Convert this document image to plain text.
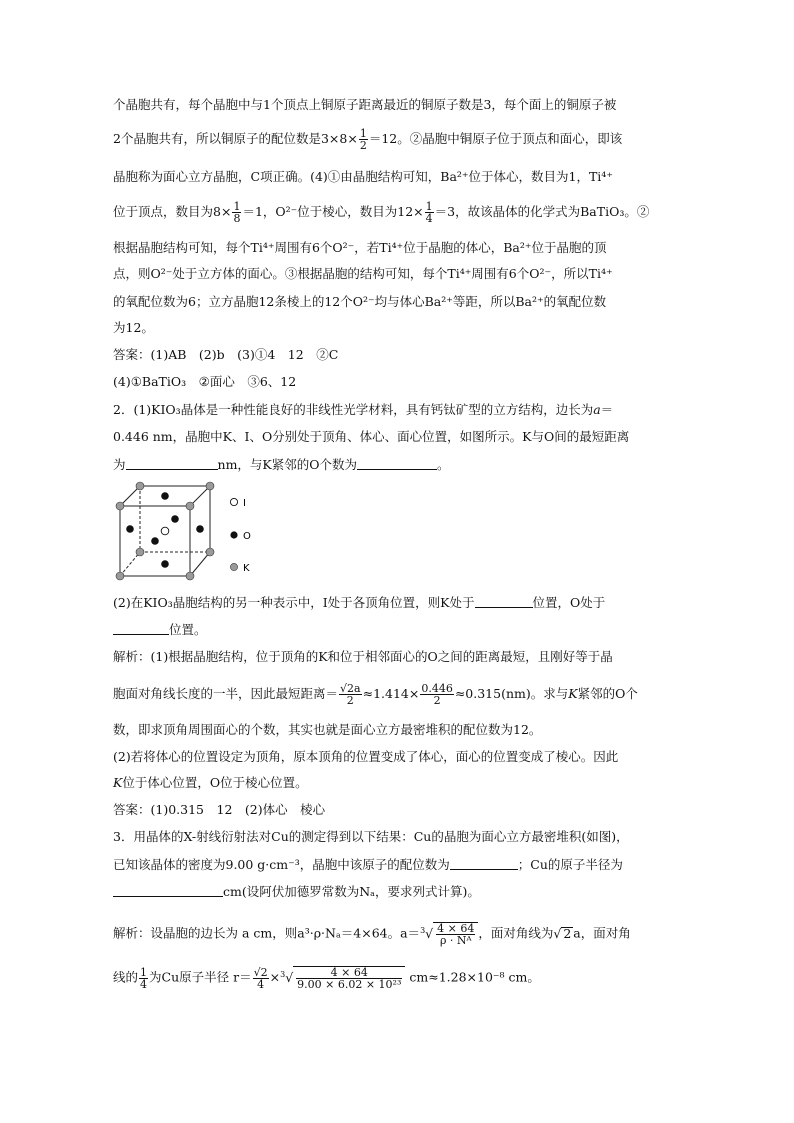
个晶胞共有，每个晶胞中与1个顶点上铜原子距离最近的铜原子数是3，每个面上的铜原子被
2个晶胞共有，所以铜原子的配位数是$3\times 8\times \frac{1}{2} =12$。②晶胞中铜原子位于顶点和面心，即该
晶胞称为面心立方晶胞，C项正确。(4)①由晶胞结构可知，Ba²⁺位于体心，数目为1，Ti⁴⁺
位于顶点，数目为$8\times \frac{1}{8} =1$，O²⁻位于棱心，数目为$12\times \frac{1}{4} =3$，故该晶体的化学式为BaTiO₃。②
根据晶胞结构可知，每个Ti⁴⁺周围有6个O²⁻，若Ti⁴⁺位于晶胞的体心，Ba²⁺位于晶胞的顶
点，则O²⁻处于立方体的面心。③根据晶胞的结构可知，每个Ti⁴⁺周围有6个O²⁻，所以Ti⁴⁺
的氧配位数为6；立方晶胞12条棱上的12个O²⁻均与体心Ba²⁺等距，所以Ba²⁺的氧配位数
为12。
答案：(1)AB　(2)b　(3)①4　12　②C
(4)①BaTiO₃　②面心　③6、12
2．(1)KIO₃晶体是一种性能良好的非线性光学材料，具有钙钛矿型的立方结构，边长为a＝
0.446 nm，晶胞中K、I、O分别处于顶角、体心、面心位置，如图所示。K与O间的最短距离
为	nm，与K紧邻的O个数为	。
I
O
K
(2)在KIO₃晶胞结构的另一种表示中，I处于各顶角位置，则K处于	位置，O处于
位置。
解析：(1)根据晶胞结构，位于顶角的K和位于相邻面心的O之间的距离最短，且刚好等于晶
胞面对角线长度的一半，因此最短距离＝ $\frac{√2a}{2} \approx 1.414\times \frac{0.446}{2} \approx 0.315(nm)$。求与K紧邻的O个
数，即求顶角周围面心的个数，其实也就是面心立方最密堆积的配位数为12。
(2)若将体心的位置设定为顶角，原本顶角的位置变成了体心，面心的位置变成了棱心。因此
K位于体心位置，O位于棱心位置。
答案：(1)0.315　12　(2)体心　棱心
3．用晶体的X-射线衍射法对Cu的测定得到以下结果：Cu的晶胞为面心立方最密堆积(如图)，
已知该晶体的密度为9.00 g·cm⁻³，晶胞中该原子的配位数为	；Cu的原子半径为
cm(设阿伏加德罗常数为Nₐ，要求列式计算)。
解析：设晶胞的边长为 a cm，则a³·ρ·Nₐ＝4×64。$a=^3√ \frac{4 \times 64}{\text{ρ · Nᴬ}}$ ，面对角线为√ 2 a，面对角
线的 $\frac{1}{4}$ 为Cu原子半径 $r= \frac{√2}{4} \times^3√ \frac{4 \times 64}{\text{9.00 × 6.02 × 10²³}} cm\approx 1.28\times 10^{-8}$ cm。
